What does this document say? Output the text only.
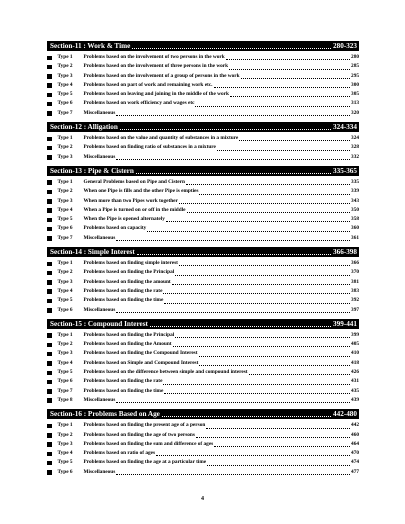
Section-11 : Work & Time	280-323
Type 1	Problems based on the involvement of two persons in the work	280
Type 2	Problems based on the involvement of three persons in the work	285
Type 3	Problems based on the involvement of a group of persons in the work	295
Type 4	Problems based on part of work and remaining work etc.	300
Type 5	Problems based on leaving and joining in the middle of the work	305
Type 6	Problems based on work efficiency and wages etc	313
Type 7	Miscellaneous	320
Section-12 : Alligation	324-334
Type 1	Problems based on the value and quantity of substances in a mixture	324
Type 2	Problems based on finding ratio of substances in a mixture	328
Type 3	Miscellaneous	332
Section-13 : Pipe & Cistern	335-365
Type 1	General Problems based on Pipe and Cistern	335
Type 2	When one Pipe is fills and the other Pipe is empties	339
Type 3	When more than two Pipes work together	343
Type 4	When a Pipe is turned on or off in the middle	350
Type 5	When the Pipe is opened alternately	358
Type 6	Problems based on capacity	360
Type 7	Miscellaneous	361
Section-14 : Simple Interest	366-398
Type 1	Problems based on finding simple interest	366
Type 2	Problems based on finding the Principal	370
Type 3	Problems based on finding the amount	381
Type 4	Problems based on finding the rate	383
Type 5	Problems based on finding the time	392
Type 6	Miscellaneous	397
Section-15 : Compound Interest	399-441
Type 1	Problems based on finding the Principal	399
Type 2	Problems based on finding the Amount	405
Type 3	Problems based on finding the Compound Interest	410
Type 4	Problems based on Simple and Compound Interest	418
Type 5	Problems based on the difference between simple and compound interest	426
Type 6	Problems based on finding the rate	431
Type 7	Problems based on finding the time	435
Type 8	Miscellaneous	439
Section-16 : Problems Based on Age	442-480
Type 1	Problems based on finding the present age of a person	442
Type 2	Problems based on finding the age of two persons	460
Type 3	Problems based on finding the sum and difference of ages	464
Type 4	Problems based on ratio of ages	470
Type 5	Problems based on finding the age at a particular time	474
Type 6	Miscellaneous	477
4
